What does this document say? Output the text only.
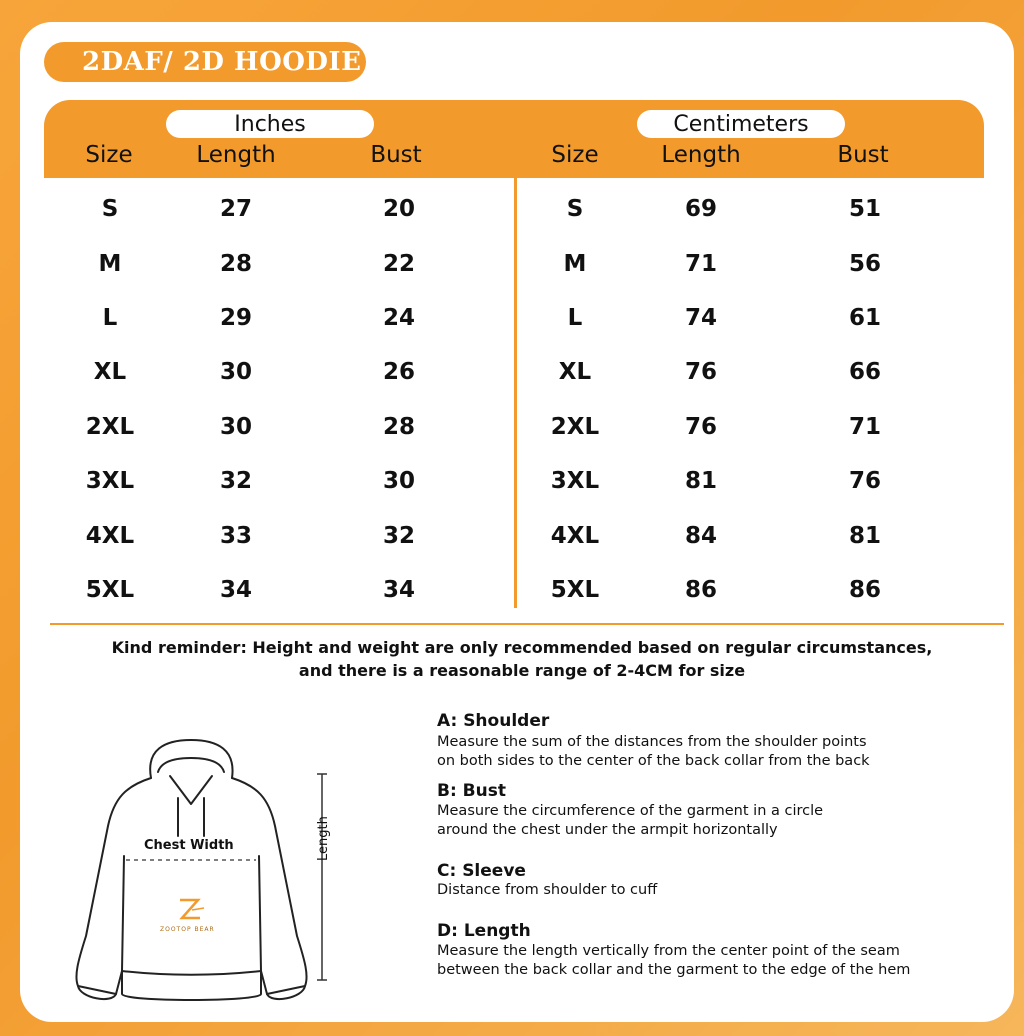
2DAF/ 2D HOODIE
Inches	Centimeters
Size	Length	Bust	Size	Length	Bust
S	27	20	S	69	51
M	28	22	M	71	56
L	29	24	L	74	61
XL	30	26	XL	76	66
2XL	30	28	2XL	76	71
3XL	32	30	3XL	81	76
4XL	33	32	4XL	84	81
5XL	34	34	5XL	86	86
Kind reminder: Height and weight are only recommended based on regular circumstances,
and there is a reasonable range of 2-4CM for size
Chest Width	Length
ZOOTOP BEAR
A: Shoulder
Measure the sum of the distances from the shoulder points
on both sides to the center of the back collar from the back
B: Bust
Measure the circumference of the garment in a circle
around the chest under the armpit horizontally
C: Sleeve
Distance from shoulder to cuff
D: Length
Measure the length vertically from the center point of the seam
between the back collar and the garment to the edge of the hem
